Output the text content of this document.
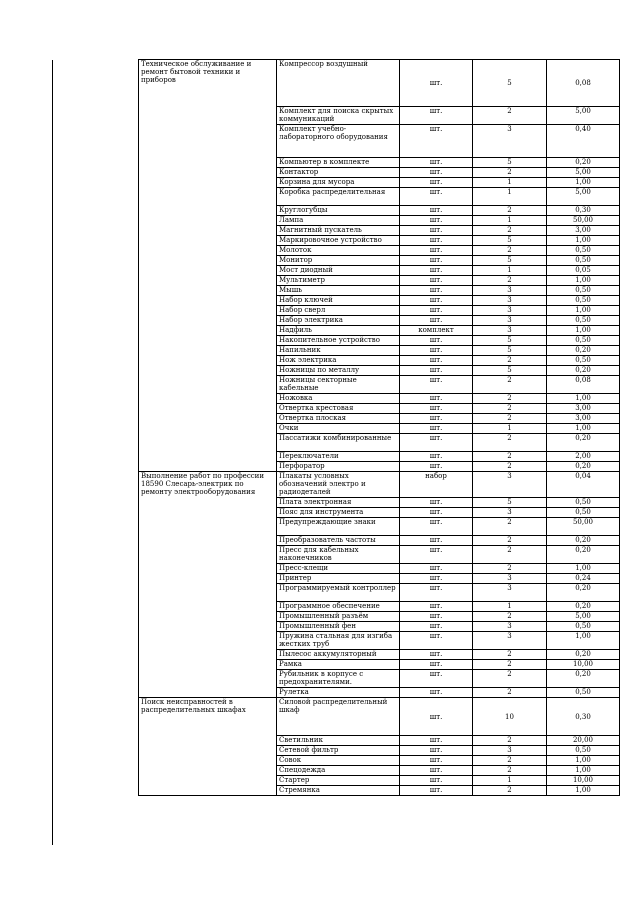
Техническое обслуживание и ремонт бытовой техники и приборов	Компрессор воздушный	шт.	5	0,08
	Комплект для поиска скрытых коммуникаций	шт.	2	5,00
	Комплект учебно-лабораторного оборудования	шт.	3	0,40
	Компьютер в комплекте	шт.	5	0,20
	Контактор	шт.	2	5,00
	Корзина для мусора	шт.	1	1,00
	Коробка распределительная	шт.	1	5,00
	Круглогубцы	шт.	2	0,30
	Лампа	шт.	1	50,00
	Магнитный пускатель	шт.	2	3,00
	Маркировочное устройство	шт.	5	1,00
	Молоток	шт.	2	0,50
	Монитор	шт.	5	0,50
	Мост диодный	шт.	1	0,05
	Мультиметр	шт.	2	1,00
	Мышь	шт.	3	0,50
	Набор ключей	шт.	3	0,50
	Набор сверл	шт.	3	1,00
	Набор электрика	шт.	3	0,50
	Надфиль	комплект	3	1,00
	Накопительное устройство	шт.	5	0,50
	Напильник	шт.	5	0,20
	Нож электрика	шт.	2	0,50
	Ножницы по металлу	шт.	5	0,20
	Ножницы секторные кабельные	шт.	2	0,08
	Ножовка	шт.	2	1,00
	Отвертка крестовая	шт.	2	3,00
	Отвертка плоская	шт.	2	3,00
	Очки	шт.	1	1,00
	Пассатижи комбинированные	шт.	2	0,20
	Переключатели	шт.	2	2,00
	Перфоратор	шт.	2	0,20
Выполнение работ по профессии 18590 Слесарь-электрик по ремонту электрооборудования	Плакаты условных обозначений электро и радиодеталей	набор	3	0,04
	Плата электронная	шт.	5	0,50
	Пояс для инструмента	шт.	3	0,50
	Предупреждающие знаки	шт.	2	50,00
	Преобразователь частоты	шт.	2	0,20
	Пресс для кабельных наконечников	шт.	2	0,20
	Пресс-клещи	шт.	2	1,00
	Принтер	шт.	3	0,24
	Программируемый контроллер	шт.	3	0,20
	Программное обеспечение	шт.	1	0,20
	Промышленный разъём	шт.	2	5,00
	Промышленный фен	шт.	3	0,50
	Пружина стальная для изгиба жестких труб	шт.	3	1,00
	Пылесос аккумуляторный	шт.	2	0,20
	Рамка	шт.	2	10,00
	Рубильник в корпусе с предохранителями.	шт.	2	0,20
	Рулетка	шт.	2	0,50
Поиск неисправностей в распределительных шкафах	Силовой распределительный шкаф	шт.	10	0,30
	Светильник	шт.	2	20,00
	Сетевой фильтр	шт.	3	0,50
	Совок	шт.	2	1,00
	Спецодежда	шт.	2	1,00
	Стартер	шт.	1	10,00
	Стремянка	шт.	2	1,00
